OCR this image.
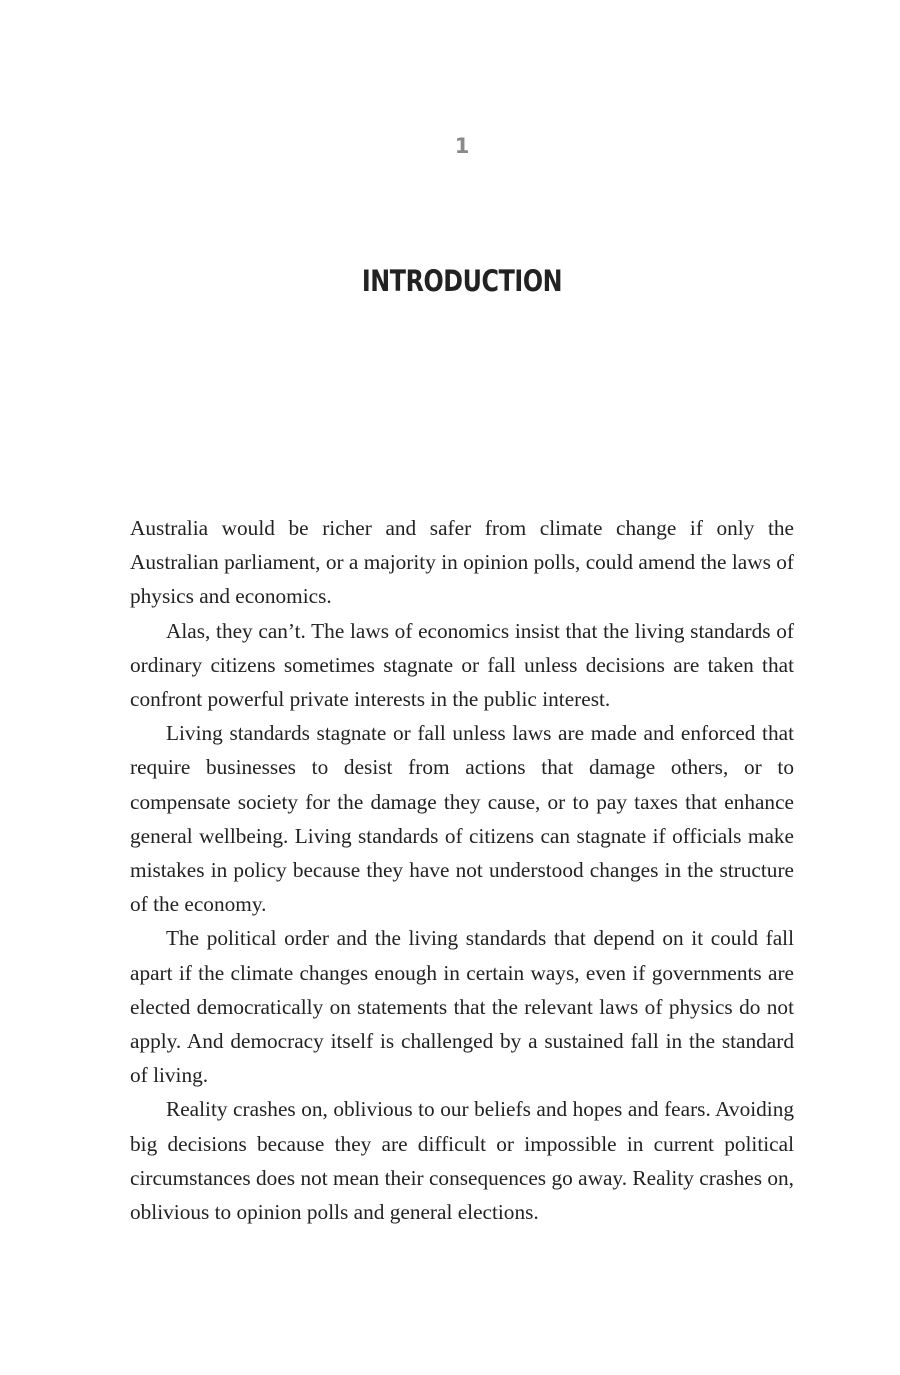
1
INTRODUCTION

Australia would be richer and safer from climate change if only the Australian parliament, or a majority in opinion polls, could amend the laws of physics and economics.

Alas, they can’t. The laws of economics insist that the living standards of ordinary citizens sometimes stagnate or fall unless decisions are taken that confront powerful private interests in the public interest.

Living standards stagnate or fall unless laws are made and enforced that require businesses to desist from actions that damage others, or to compensate society for the damage they cause, or to pay taxes that enhance general wellbeing. Living standards of citizens can stagnate if officials make mistakes in policy because they have not understood changes in the structure of the economy.

The political order and the living standards that depend on it could fall apart if the climate changes enough in certain ways, even if governments are elected democratically on statements that the relevant laws of physics do not apply. And democracy itself is challenged by a sustained fall in the standard of living.

Reality crashes on, oblivious to our beliefs and hopes and fears. Avoiding big decisions because they are difficult or impossible in current political circumstances does not mean their consequences go away. Reality crashes on, oblivious to opinion polls and general elections.
